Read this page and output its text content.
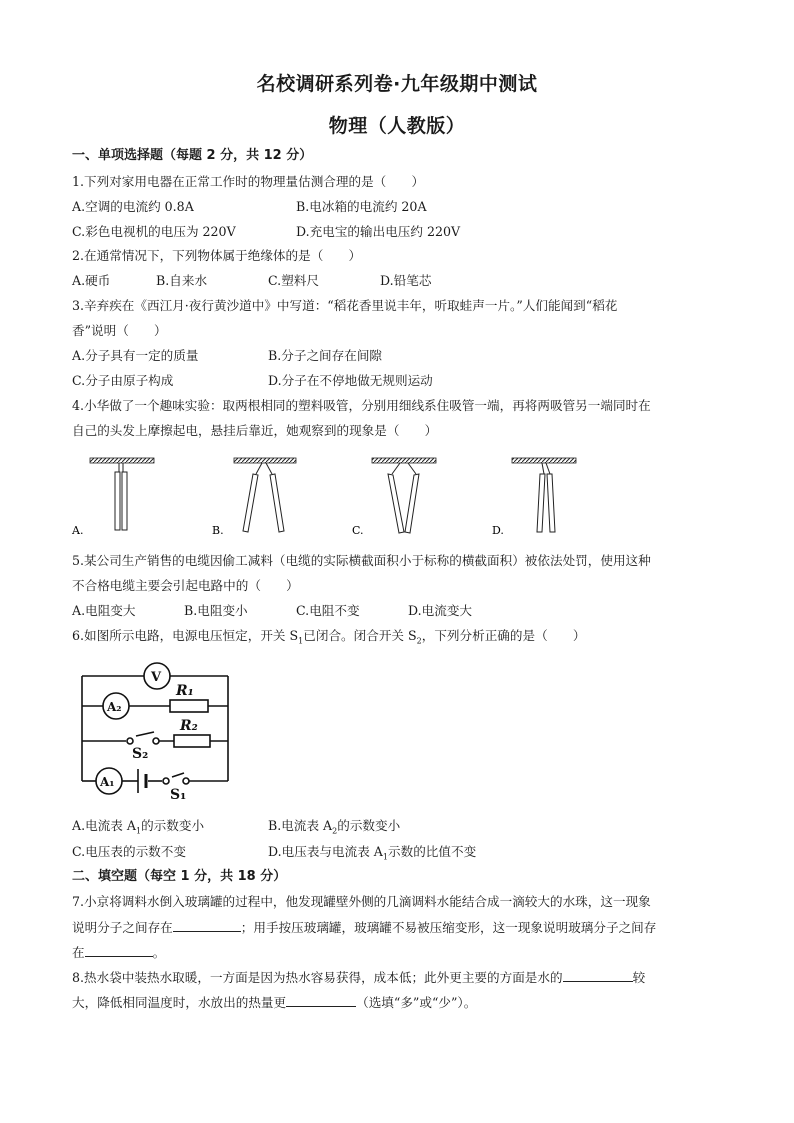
名校调研系列卷·九年级期中测试
物理（人教版）
一、单项选择题（每题 2 分，共 12 分）
1.下列对家用电器在正常工作时的物理量估测合理的是（　　）
A.空调的电流约 0.8A	B.电冰箱的电流约 20A
C.彩色电视机的电压为 220V	D.充电宝的输出电压约 220V
2.在通常情况下，下列物体属于绝缘体的是（　　）
A.硬币	B.自来水	C.塑料尺	D.铅笔芯
3.辛弃疾在《西江月·夜行黄沙道中》中写道：“稻花香里说丰年，听取蛙声一片。”人们能闻到“稻花
香”说明（　　）
A.分子具有一定的质量	B.分子之间存在间隙
C.分子由原子构成	D.分子在不停地做无规则运动
4.小华做了一个趣味实验：取两根相同的塑料吸管，分别用细线系住吸管一端，再将两吸管另一端同时在
自己的头发上摩擦起电，悬挂后靠近，她观察到的现象是（　　）
A.	B.	C.	D.
5.某公司生产销售的电缆因偷工减料（电缆的实际横截面积小于标称的横截面积）被依法处罚，使用这种
不合格电缆主要会引起电路中的（　　）
A.电阻变大	B.电阻变小	C.电阻不变	D.电流变大
6.如图所示电路，电源电压恒定，开关 $S_1$已闭合。闭合开关 $S_2$，下列分析正确的是（　　）
V
A₂
A₁
R₁
R₂
S₂
S₁
A.电流表 $A_1$的示数变小	B.电流表 $A_2$的示数变小
C.电压表的示数不变	D.电压表与电流表 $A_1$示数的比值不变
二、填空题（每空 1 分，共 18 分）
7.小京将调料水倒入玻璃罐的过程中，他发现罐壁外侧的几滴调料水能结合成一滴较大的水珠，这一现象
说明分子之间存在	；用手按压玻璃罐，玻璃罐不易被压缩变形，这一现象说明玻璃分子之间存
在	。
8.热水袋中装热水取暖，一方面是因为热水容易获得，成本低；此外更主要的方面是水的	较
大，降低相同温度时，水放出的热量更	（选填“多”或“少”）。
